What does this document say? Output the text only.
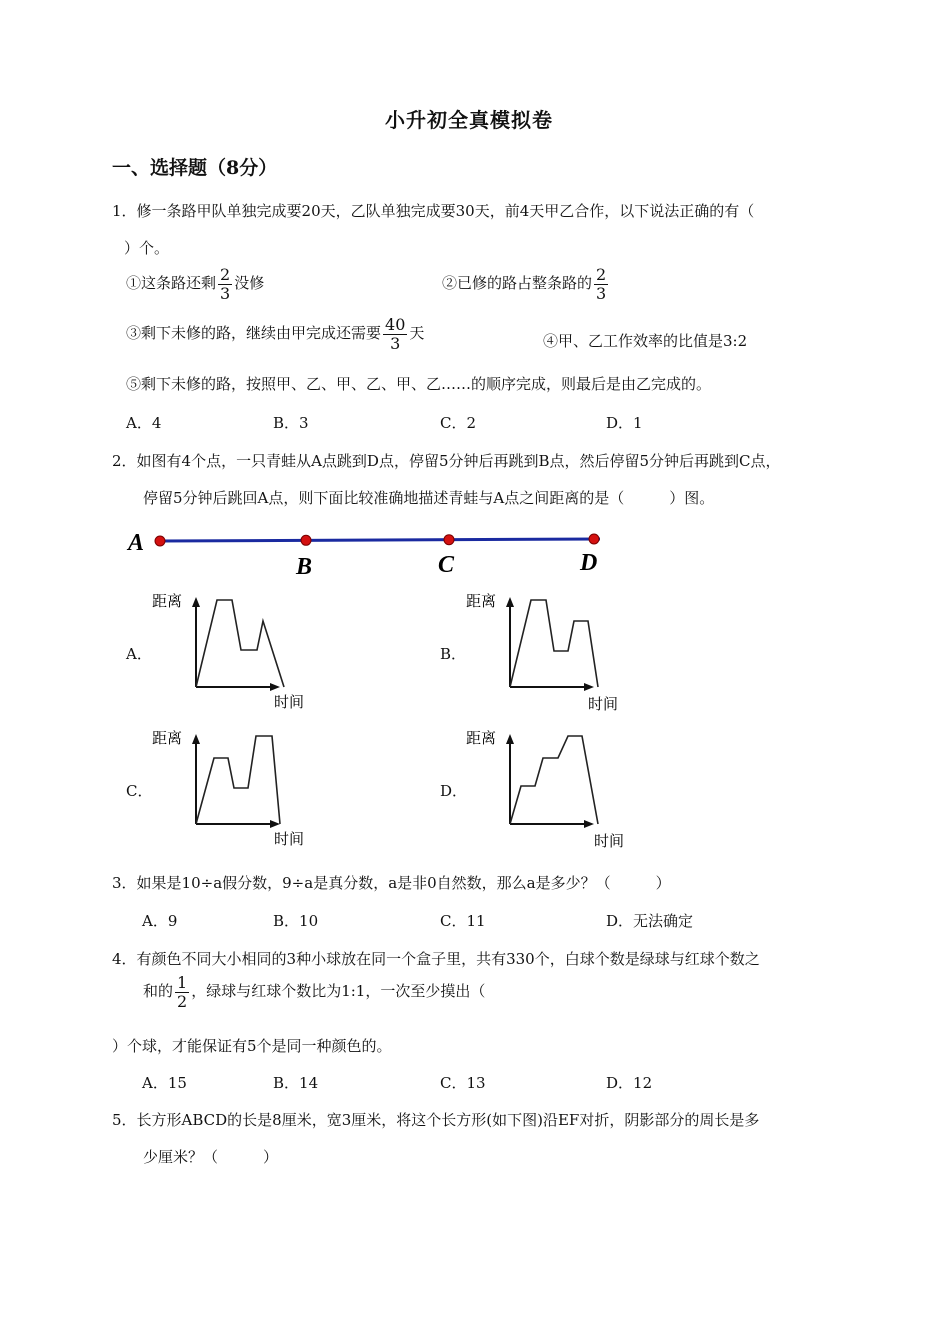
小升初全真模拟卷
一、选择题（8分）
1．修一条路甲队单独完成要20天，乙队单独完成要30天，前4天甲乙合作，以下说法正确的有（
）个。
①这条路还剩 $\frac{2}{3}$ 没修	②已修的路占整条路的 $\frac{2}{3}$
③剩下未修的路，继续由甲完成还需要 $\frac{40}{3}$ 天	④甲、乙工作效率的比值是3:2
⑤剩下未修的路，按照甲、乙、甲、乙、甲、乙……的顺序完成，则最后是由乙完成的。
A．4	B．3	C．2	D．1
2．如图有4个点，一只青蛙从A点跳到D点，停留5分钟后再跳到B点，然后停留5分钟后再跳到C点，
停留5分钟后跳回A点，则下面比较准确地描述青蛙与A点之间距离的是（　　　）图。
A
B	C	D
A．	B．
C．	D．
距离
时间
距离
时间
距离
时间
距离
时间
3．如果是10÷a假分数，9÷a是真分数，a是非0自然数，那么a是多少？（　　　）
A．9	B．10	C．11	D．无法确定
4．有颜色不同大小相同的3种小球放在同一个盒子里，共有330个，白球个数是绿球与红球个数之
和的 $\frac{1}{2}$ ，绿球与红球个数比为1:1，一次至少摸出（
）个球，才能保证有5个是同一种颜色的。
A．15	B．14	C．13	D．12
5．长方形ABCD的长是8厘米，宽3厘米，将这个长方形(如下图)沿EF对折，阴影部分的周长是多
少厘米？（　　　）
